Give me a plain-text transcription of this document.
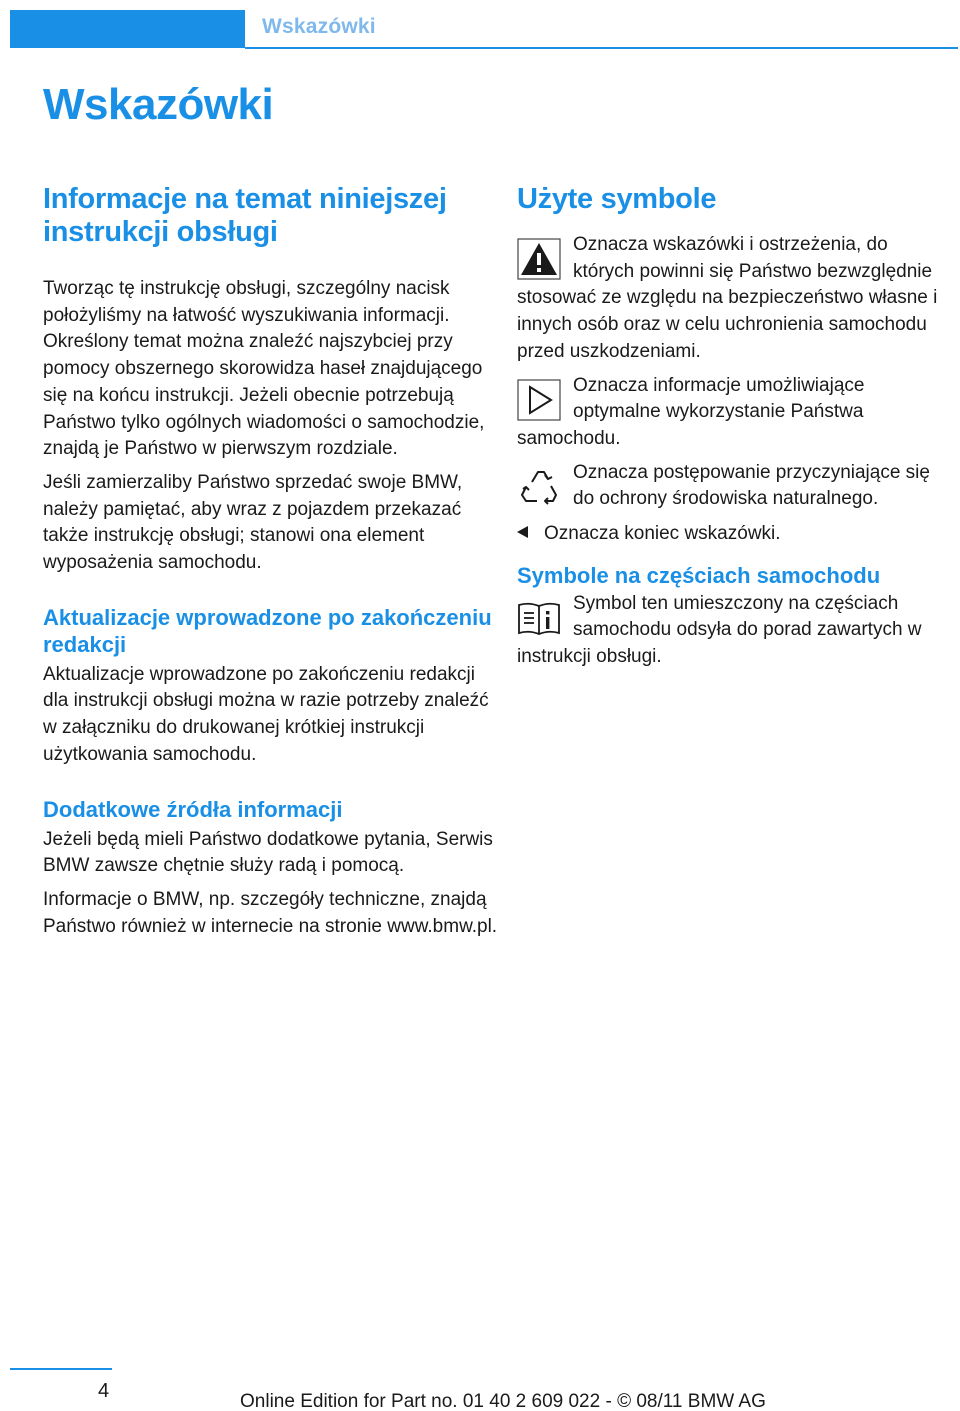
Wskazówki
Wskazówki
Informacje na temat niniejszej instrukcji obsługi

Tworząc tę instrukcję obsługi, szczególny nacisk położyliśmy na łatwość wyszukiwania informacji. Określony temat można znaleźć najszybciej przy pomocy obszernego skorowidza haseł znajdującego się na końcu instrukcji. Jeżeli obecnie potrzebują Państwo tylko ogólnych wiadomości o samochodzie, znajdą je Państwo w pierwszym rozdziale.

Jeśli zamierzaliby Państwo sprzedać swoje BMW, należy pamiętać, aby wraz z pojazdem przekazać także instrukcję obsługi; stanowi ona element wyposażenia samochodu.

Aktualizacje wprowadzone po zakończeniu redakcji

Aktualizacje wprowadzone po zakończeniu redakcji dla instrukcji obsługi można w razie potrzeby znaleźć w załączniku do drukowanej krótkiej instrukcji użytkowania samochodu.

Dodatkowe źródła informacji

Jeżeli będą mieli Państwo dodatkowe pytania, Serwis BMW zawsze chętnie służy radą i pomocą.

Informacje o BMW, np. szczegóły techniczne, znajdą Państwo również w internecie na stronie www.bmw.pl.

Użyte symbole

Oznacza wskazówki i ostrzeżenia, do których powinni się Państwo bezwzględnie stosować ze względu na bezpieczeństwo własne i innych osób oraz w celu uchronienia samochodu przed uszkodzeniami.

Oznacza informacje umożliwiające optymalne wykorzystanie Państwa samochodu.

Oznacza postępowanie przyczyniające się do ochrony środowiska naturalnego.

Oznacza koniec wskazówki.

Symbole na częściach samochodu

Symbol ten umieszczony na częściach samochodu odsyła do porad zawartych w instrukcji obsługi.

4	Online Edition for Part no. 01 40 2 609 022 - © 08/11 BMW AG
